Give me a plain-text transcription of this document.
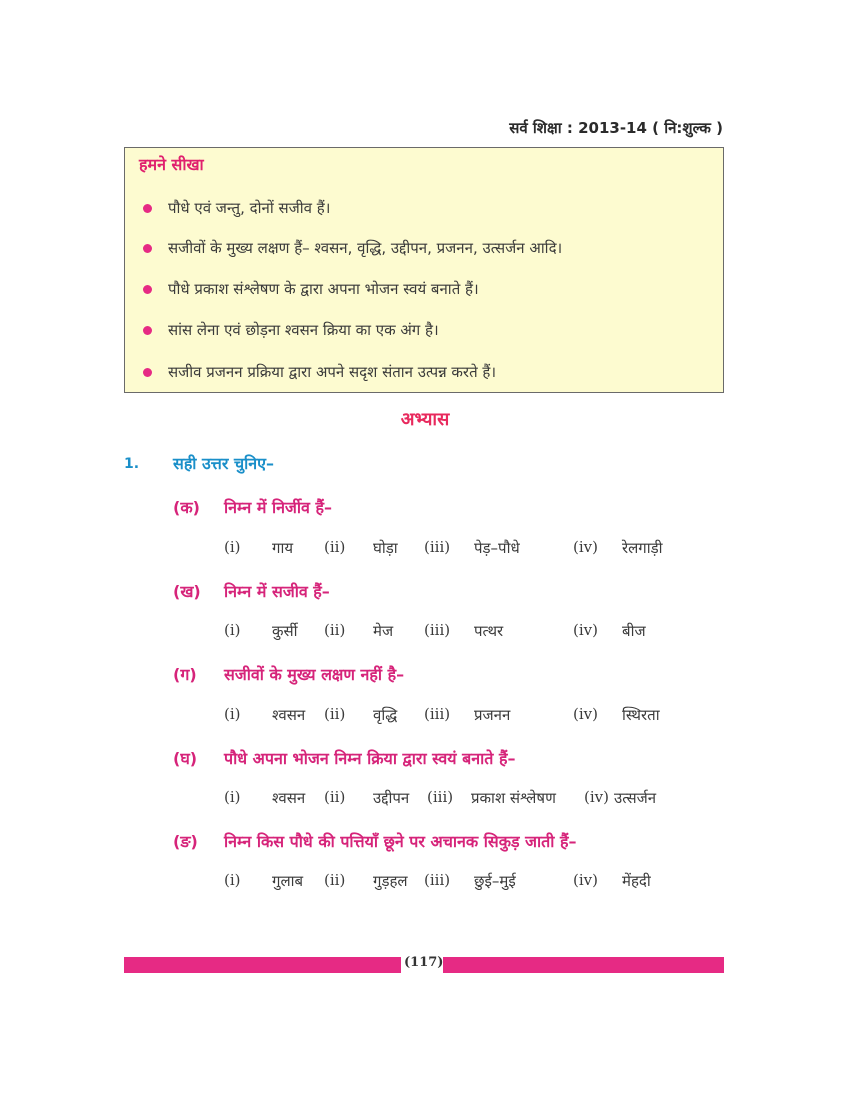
सर्व शिक्षा : 2013-14 ( नि:शुल्क )
हमने सीखा
पौधे एवं जन्तु, दोनों सजीव हैं।
सजीवों के मुख्य लक्षण हैं– श्वसन, वृद्धि, उद्दीपन, प्रजनन, उत्सर्जन आदि।
पौधे प्रकाश संश्लेषण के द्वारा अपना भोजन स्वयं बनाते हैं।
सांस लेना एवं छोड़ना श्वसन क्रिया का एक अंग है।
सजीव प्रजनन प्रक्रिया द्वारा अपने सदृश संतान उत्पन्न करते हैं।
अभ्यास
1. सही उत्तर चुनिए–
(क) निम्न में निर्जीव हैं–
(i) गाय (ii) घोड़ा (iii) पेड़–पौधे	(iv) रेलगाड़ी
(ख) निम्न में सजीव हैं–
(i) कुर्सी (ii) मेज (iii) पत्थर	(iv) बीज
(ग) सजीवों के मुख्य लक्षण नहीं है–
(i) श्वसन (ii) वृद्धि (iii) प्रजनन	(iv) स्थिरता
(घ) पौधे अपना भोजन निम्न क्रिया द्वारा स्वयं बनाते हैं–
(i) श्वसन (ii) उद्दीपन (iii) प्रकाश संश्लेषण (iv) उत्सर्जन
(ङ) निम्न किस पौधे की पत्तियाँ छूने पर अचानक सिकुड़ जाती हैं–
(i) गुलाब (ii) गुड़हल (iii) छुई–मुई	(iv) मेंहदी
(117)
